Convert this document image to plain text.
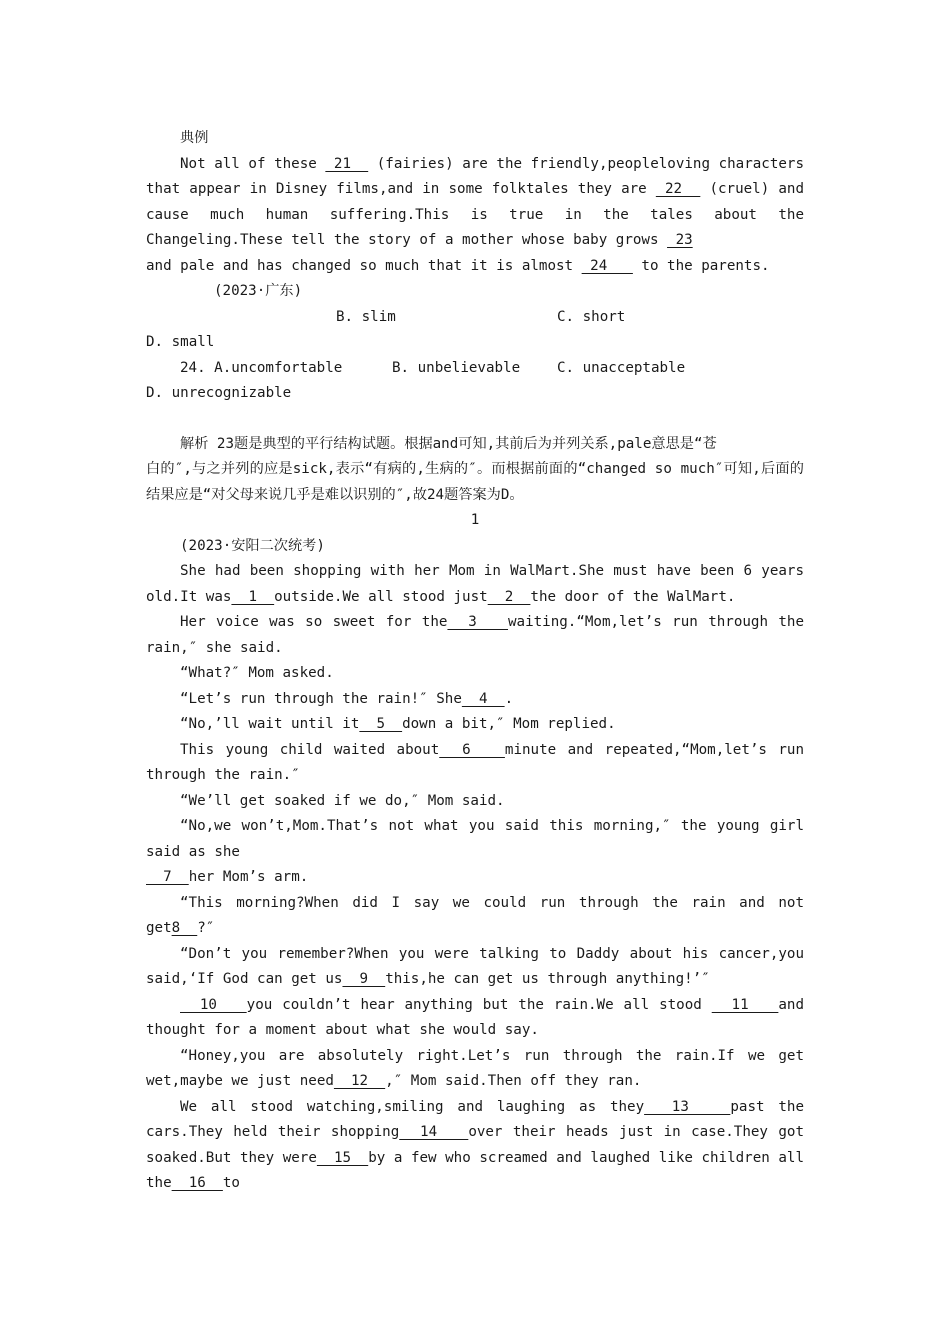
典例

Not all of these  21   (fairies) are the friendly,peopleloving characters that appear in Disney films,and in some folktales they are  22   (cruel) and cause much human suffering.This is true in the tales about the Changeling.These tell the story of a mother whose baby grows  23

and pale and has changed so much that it is almost  24    to the parents.

(2023·广东)

B. slim	C. short

D. small

24. A.uncomfortable	B. unbelievable	C. unacceptable

D. unrecognizable

解析 23题是典型的平行结构试题。根据and可知,其前后为并列关系,pale意思是“苍

白的″,与之并列的应是sick,表示“有病的,生病的″。而根据前面的“changed so much″可知,后面的结果应是“对父母来说几乎是难以识别的″,故24题答案为D。

1

(2023·安阳二次统考)

She had been shopping with her Mom in WalMart.She must have been 6 years old.It was  1  outside.We all stood just  2  the door of the WalMart.

Her voice was so sweet for the  3   waiting.“Mom,let’s run through the rain,″ she said.

“What?″ Mom asked.

“Let’s run through the rain!″ She  4  .

“No,’ll wait until it  5  down a bit,″ Mom replied.

This young child waited about  6   minute and repeated,“Mom,let’s run through the rain.″

“We’ll get soaked if we do,″ Mom said.

“No,we won’t,Mom.That’s not what you said this morning,″ the young girl said as she

7  her Mom’s arm.

“This morning?When did I say we could run through the rain and not get8  ?″

“Don’t you remember?When you were talking to Daddy about his cancer,you said,‘If God can get us  9  this,he can get us through anything!’″

10   you couldn’t hear anything but the rain.We all stood   11   and thought for a moment about what she would say.

“Honey,you are absolutely right.Let’s run through the rain.If we get wet,maybe we just need  12  ,″ Mom said.Then off they ran.

We all stood watching,smiling and laughing as they  13   past the cars.They held their shopping  14   over their heads just in case.They got soaked.But they were  15  by a few who screamed and laughed like children all the  16  to
